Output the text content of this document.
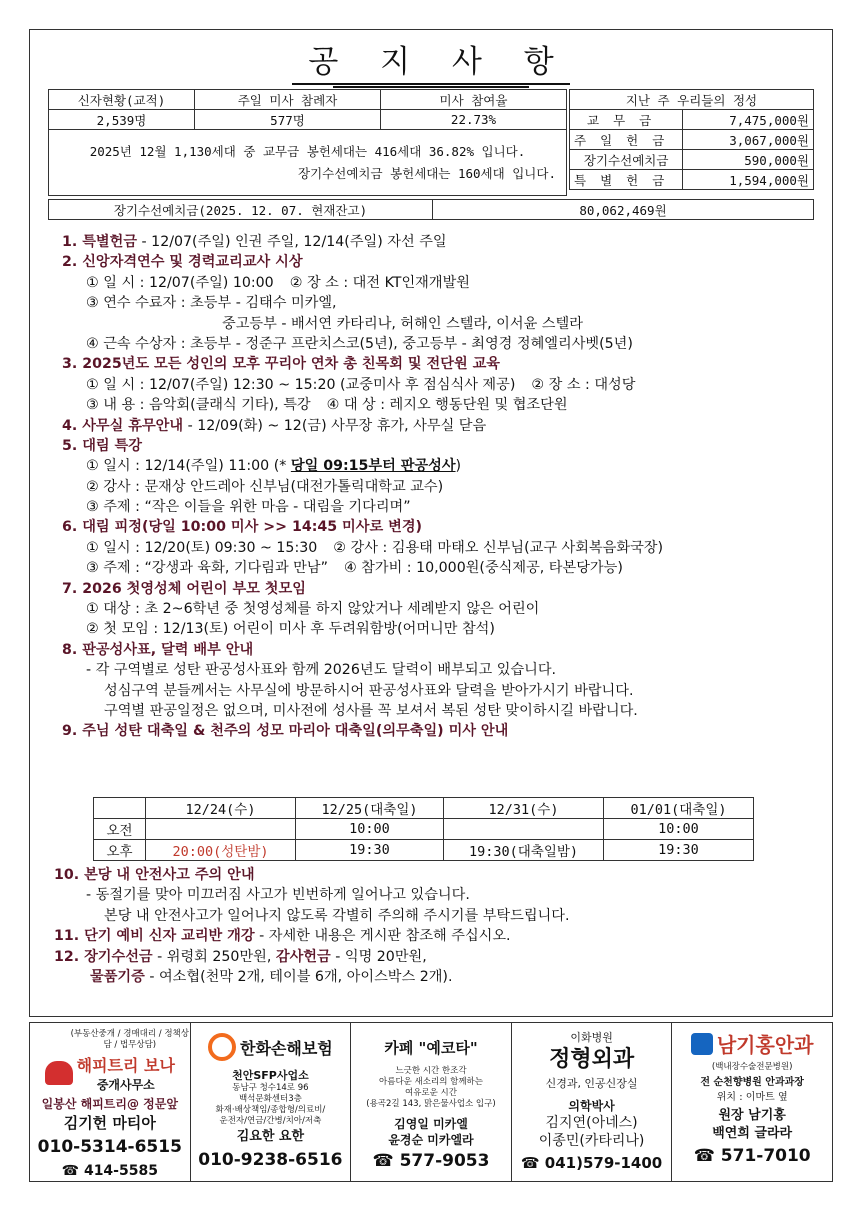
공 지 사 항
신자현황(교적)	주일 미사 참례자	미사 참여율
2,539명	577명	22.73%

2025년 12월 1,130세대 중 교무금 봉헌세대는 416세대 36.82% 입니다.
장기수선예치금 봉헌세대는 160세대 입니다.		
지난 주 우리들의 정성	
교무금	7,475,000원
주일헌금	3,067,000원
장기수선예치금	590,000원
특별헌금	1,594,000원
장기수선예치금(2025. 12. 07. 현재잔고)	80,062,469원
1. 특별헌금 - 12/07(주일) 인권 주일, 12/14(주일) 자선 주일
2. 신앙자격연수 및 경력교리교사 시상
① 일 시 : 12/07(주일) 10:00 ② 장 소 : 대전 KT인재개발원
③ 연수 수료자 : 초등부 - 김태수 미카엘,
중고등부 - 배서연 카타리나, 허해인 스텔라, 이서윤 스텔라
④ 근속 수상자 : 초등부 - 정준구 프란치스코(5년), 중고등부 - 최영경 정혜엘리사벳(5년)
3. 2025년도 모든 성인의 모후 꾸리아 연차 총 친목회 및 전단원 교육
① 일 시 : 12/07(주일) 12:30 ~ 15:20 (교중미사 후 점심식사 제공) ② 장 소 : 대성당
③ 내 용 : 음악회(클래식 기타), 특강 ④ 대 상 : 레지오 행동단원 및 협조단원
4. 사무실 휴무안내 - 12/09(화) ~ 12(금) 사무장 휴가, 사무실 닫음
5. 대림 특강
① 일시 : 12/14(주일) 11:00 (* 당일 09:15부터 판공성사)
② 강사 : 문재상 안드레아 신부님(대전가톨릭대학교 교수)
③ 주제 : “작은 이들을 위한 마음 - 대림을 기다리며”
6. 대림 피정(당일 10:00 미사 >> 14:45 미사로 변경)
① 일시 : 12/20(토) 09:30 ~ 15:30 ② 강사 : 김용태 마태오 신부님(교구 사회복음화국장)
③ 주제 : “강생과 육화, 기다림과 만남” ④ 참가비 : 10,000원(중식제공, 타본당가능)
7. 2026 첫영성체 어린이 부모 첫모임
① 대상 : 초 2~6학년 중 첫영성체를 하지 않았거나 세례받지 않은 어린이
② 첫 모임 : 12/13(토) 어린이 미사 후 두려워함방(어머니만 참석)
8. 판공성사표, 달력 배부 안내
- 각 구역별로 성탄 판공성사표와 함께 2026년도 달력이 배부되고 있습니다.
성심구역 분들께서는 사무실에 방문하시어 판공성사표와 달력을 받아가시기 바랍니다.
구역별 판공일정은 없으며, 미사전에 성사를 꼭 보셔서 복된 성탄 맞이하시길 바랍니다.
9. 주님 성탄 대축일 & 천주의 성모 마리아 대축일(의무축일) 미사 안내
	12/24(수)	12/25(대축일)	12/31(수)	01/01(대축일)
오전		10:00		10:00
오후	20:00(성탄밤)	19:30	19:30(대축일밤)	19:30
10. 본당 내 안전사고 주의 안내
- 동절기를 맞아 미끄러짐 사고가 빈번하게 일어나고 있습니다.
본당 내 안전사고가 일어나지 않도록 각별히 주의해 주시기를 부탁드립니다.
11. 단기 예비 신자 교리반 개강 - 자세한 내용은 게시판 참조해 주십시오.
12. 장기수선금 - 위령회 250만원, 감사헌금 - 익명 20만원,
물품기증 - 여소협(천막 2개, 테이블 6개, 아이스박스 2개).
(부동산중개 / 경매대리 / 정책상담 / 법무상담)
해피트리 보나
중개사무소
일봉산 해피트리@ 정문앞
김기헌 마티아
010-5314-6515
☎ 414-5585
한화손해보험
천안SFP사업소
동남구 청수14로 96
백석문화센터3층
화재·배상책임/종합형/의료비/
운전자/연금/간병/치아/저축
김요한 요한
010-9238-6516
카페 "예코타"
느긋한 시간 한조각
아름다운 새소리의 함께하는
여유로운 시간
(용곡2길 143, 맑은물사업소 입구)
김영일 미카엘
윤경순 미카엘라
☎ 577-9053
이화병원
정형외과
신경과, 인공신장실
의학박사
김지연(아네스)
이종민(카타리나)
☎ 041)579-1400
남기홍안과
(백내장수술전문병원)
전 순천향병원 안과과장
위치 : 이마트 옆
원장 남기홍
백연희 글라라
☎ 571-7010
